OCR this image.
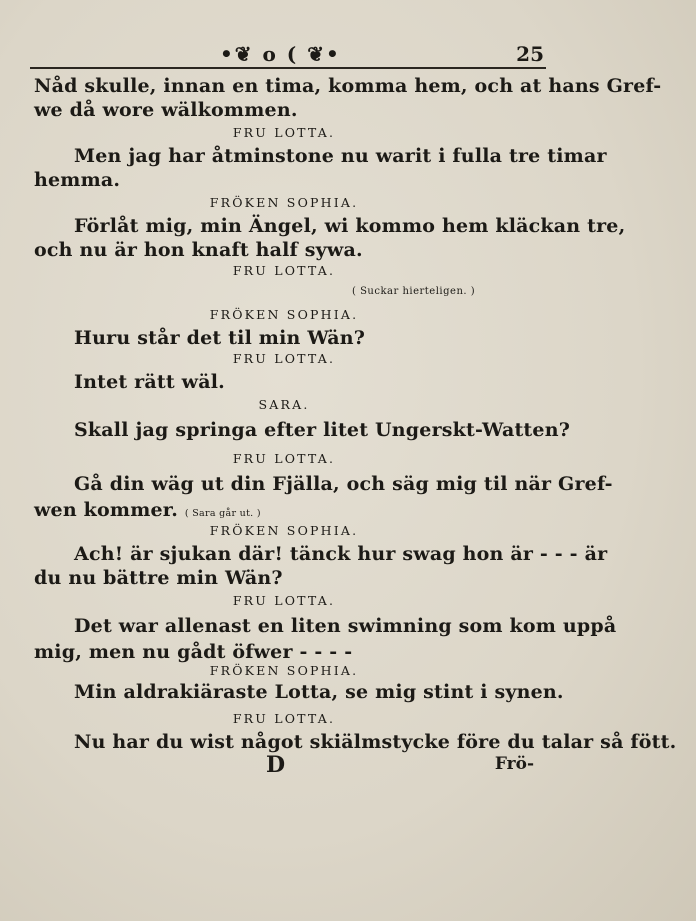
•❦ o ( ❦•	25
Nåd skulle, innan en tima, komma hem, och at hans Gref-
we då wore wälkommen.
FRU LOTTA.
Men jag har åtminstone nu warit i fulla tre timar
hemma.
FRÖKEN SOPHIA.
Förlåt mig, min Ängel, wi kommo hem kläckan tre,
och nu är hon knaft half sywa.
FRU LOTTA.
( Suckar hierteligen. )
FRÖKEN SOPHIA.
Huru står det til min Wän?
FRU LOTTA.
Intet rätt wäl.
SARA.
Skall jag springa efter litet Ungerskt-Watten?
FRU LOTTA.
Gå din wäg ut din Fjälla, och säg mig til när Gref-
wen kommer. ( Sara går ut. )
FRÖKEN SOPHIA.
Ach! är sjukan där! tänck hur swag hon är - - - är
du nu bättre min Wän?
FRU LOTTA.
Det war allenast en liten swimning som kom uppå
mig, men nu gådt öfwer - - - -
FRÖKEN SOPHIA.
Min aldrakiäraste Lotta, se mig stint i synen.
FRU LOTTA.
Nu har du wist något skiälmstycke före du talar så fött.
D	Frö-
